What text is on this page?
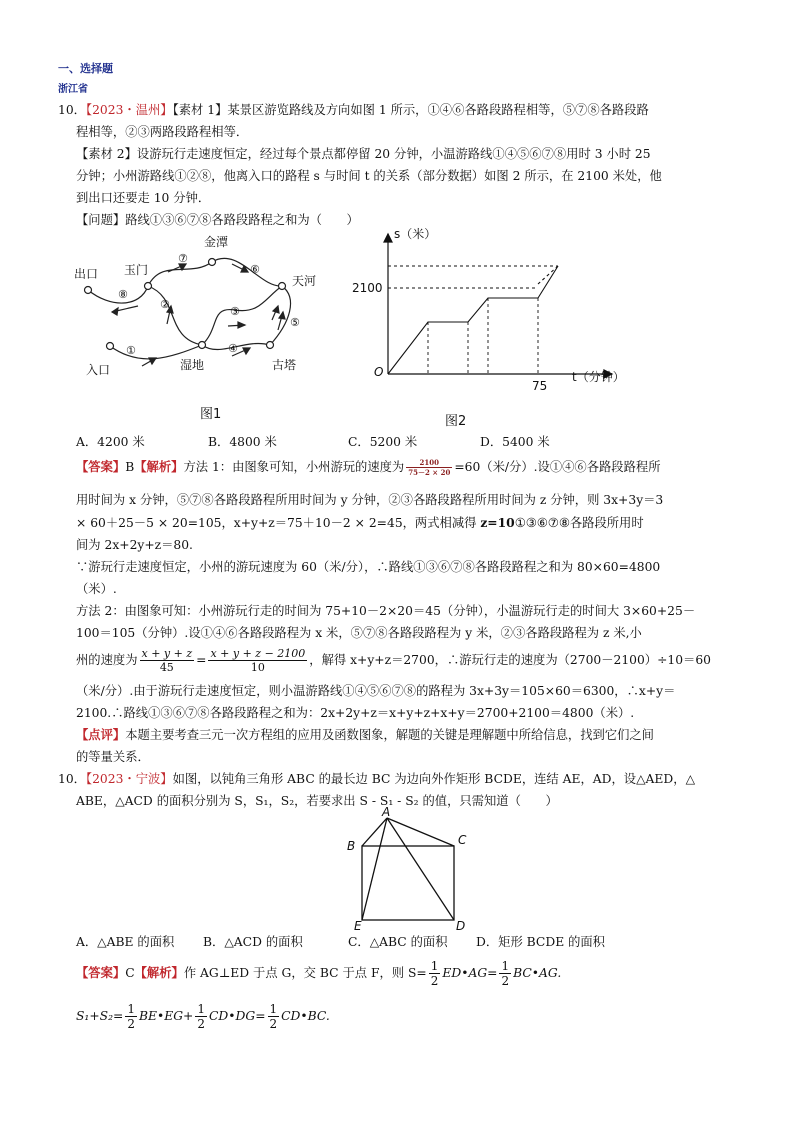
一、选择题
浙江省
10．【2023・温州】【素材 1】某景区游览路线及方向如图 1 所示，①④⑥各路段路程相等，⑤⑦⑧各路段路
程相等，②③两路段路程相等．
【素材 2】设游玩行走速度恒定，经过每个景点都停留 20 分钟，小温游路线①④⑤⑥⑦⑧用时 3 小时 25
分钟；小州游路线①②⑧，他离入口的路程 s 与时间 t 的关系（部分数据）如图 2 所示，在 2100 米处，他
到出口还要走 10 分钟．
【问题】路线①③⑥⑦⑧各路段路程之和为（　　）
出口 玉门
金潭
天河
入口	湿地	古塔
①
②
③
④
⑤
⑥
⑦
⑧
图1
s（米）
2100
75
t（分钟）
O
图2
A．4200 米	B．4800 米	C．5200 米	D．5400 米
【答案】B【解析】方法 1：由图象可知，小州游玩的速度为 $\frac{2100}{75-2 \times 20} =60$（米/分）.设①④⑥各路段路程所
用时间为 x 分钟，⑤⑦⑧各路段路程所用时间为 y 分钟，②③各路段路程所用时间为 z 分钟，则 3x+3y＝3
× 60＋25－5 × 20=105，x+y+z＝75＋10－2 × 2=45，两式相减得 z=10①③⑥⑦⑧各路段所用时
间为 2x+2y+z＝80.
∵游玩行走速度恒定，小州的游玩速度为 60（米/分），∴路线①③⑥⑦⑧各路段路程之和为 80×60=4800
（米）.
方法 2：由图象可知：小州游玩行走的时间为 75+10－2×20＝45（分钟），小温游玩行走的时间大 3×60+25－
100＝105（分钟）.设①④⑥各路段路程为 x 米，⑤⑦⑧各路段路程为 y 米，②③各路段路程为 z 米,小
州的速度为 $\frac{x + y + z}{45} = \frac{x + y + z - 2100}{10}$ ，解得 x+y+z＝2700，∴游玩行走的速度为（2700－2100）÷10＝60
（米/分）.由于游玩行走速度恒定，则小温游路线①④⑤⑥⑦⑧的路程为 3x+3y＝105×60＝6300，∴x+y＝
2100.∴路线①③⑥⑦⑧各路段路程之和为：2x+2y+z＝x+y+z+x+y＝2700+2100＝4800（米）.
【点评】本题主要考查三元一次方程组的应用及函数图象，解题的关键是理解题中所给信息，找到它们之间
的等量关系．
10．【2023・宁波】如图，以钝角三角形 ABC 的最长边 BC 为边向外作矩形 BCDE，连结 AE，AD，设△AED，△
ABE，△ACD 的面积分别为 S，S₁，S₂，若要求出 S - S₁ - S₂ 的值，只需知道（　　）
A
B	C
D
E
A．△ABE 的面积 B．△ACD 的面积	C．△ABC 的面积 D．矩形 BCDE 的面积
【答案】C【解析】作 AG⊥ED 于点 G，交 BC 于点 F，则 $S= \frac{1}{2}$ ED•AG= $\frac{1}{2}$ BC•AG.
$S_1+S_2= \frac{1}{2}$ BE•EG+ $\frac{1}{2}$ CD•DG= $\frac{1}{2}$ CD•BC.
